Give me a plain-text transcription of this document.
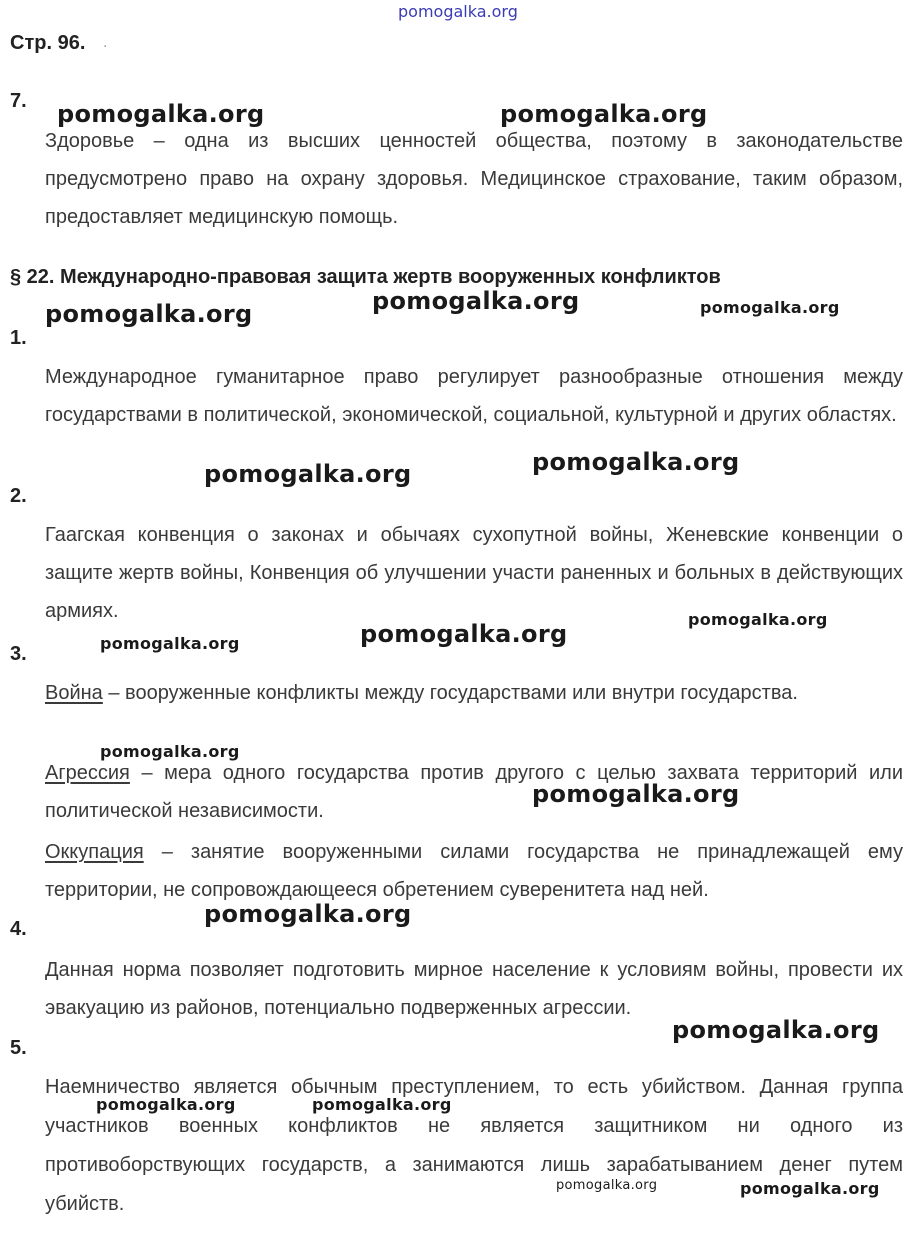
pomogalka.org
Стр. 96. .
7.
Здоровье – одна из высших ценностей общества, поэтому в законодательстве предусмотрено право на охрану здоровья. Медицинское страхование, таким образом, предоставляет медицинскую помощь.
§ 22. Международно-правовая защита жертв вооруженных конфликтов
1.
Международное гуманитарное право регулирует разнообразные отношения между государствами в политической, экономической, социальной, культурной и других областях.
2.
Гаагская конвенция о законах и обычаях сухопутной войны, Женевские конвенции о защите жертв войны, Конвенция об улучшении участи раненных и больных в действующих армиях.
3.
Война – вооруженные конфликты между государствами или внутри государства.
Агрессия – мера одного государства против другого с целью захвата территорий или политической независимости.
Оккупация – занятие вооруженными силами государства не принадлежащей ему территории, не сопровождающееся обретением суверенитета над ней.
4.
Данная норма позволяет подготовить мирное население к условиям войны, провести их эвакуацию из районов, потенциально подверженных агрессии.
5.
Наемничество является обычным преступлением, то есть убийством. Данная группа участников военных конфликтов не является защитником ни одного из противоборствующих государств, а занимаются лишь зарабатыванием денег путем убийств.
pomogalka.org	pomogalka.org
pomogalka.org	pomogalka.org
pomogalka.org
pomogalka.org
pomogalka.org
pomogalka.org
pomogalka.org
pomogalka.org
pomogalka.org
pomogalka.org
pomogalka.org
pomogalka.org
pomogalka.org	pomogalka.org
pomogalka.org	pomogalka.org
